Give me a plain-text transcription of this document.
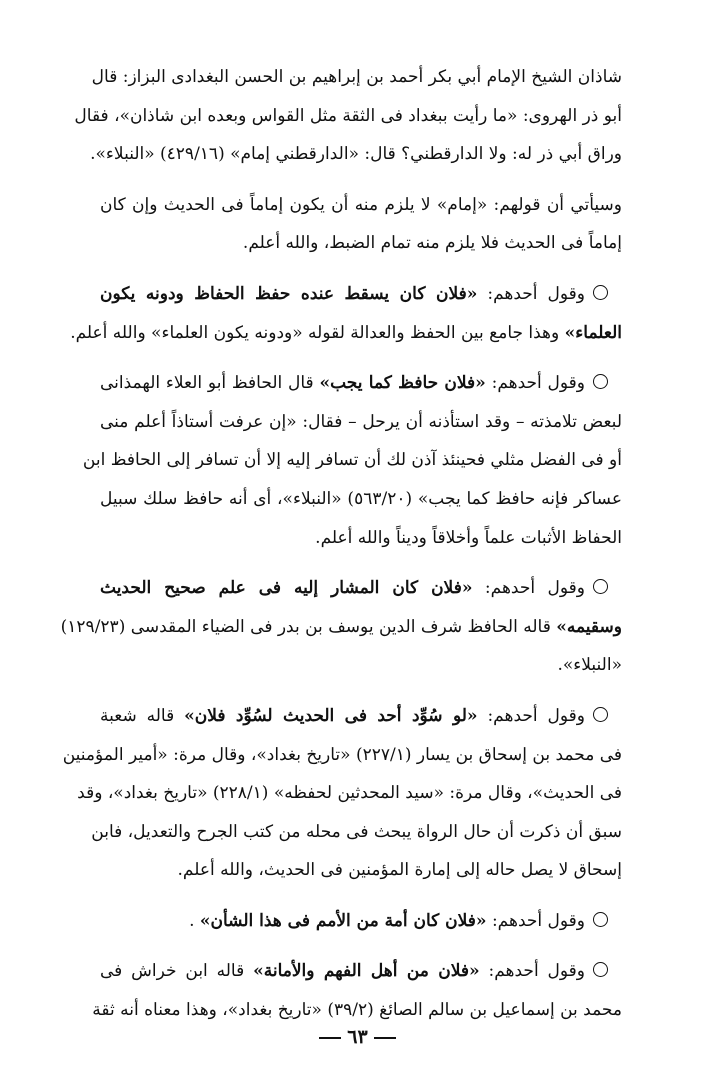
شاذان الشيخ الإمام أبي بكر أحمد بن إبراهيم بن الحسن البغدادى البزاز: قال
أبو ذر الهروى: «ما رأيت ببغداد فى الثقة مثل القواس وبعده ابن شاذان»، فقال
وراق أبي ذر له: ولا الدارقطني؟ قال: «الدارقطني إمام» (٤٢٩/١٦) «النبلاء».
وسيأتي أن قولهم: «إمام» لا يلزم منه أن يكون إماماً فى الحديث وإن كان
إماماً فى الحديث فلا يلزم منه تمام الضبط، والله أعلم.
وقول أحدهم: «فلان كان يسقط عنده حفظ الحفاظ ودونه يكون
العلماء» وهذا جامع بين الحفظ والعدالة لقوله «ودونه يكون العلماء» والله أعلم.
وقول أحدهم: «فلان حافظ كما يجب» قال الحافظ أبو العلاء الهمذانى
لبعض تلامذته – وقد استأذنه أن يرحل – فقال: «إن عرفت أستاذاً أعلم منى
أو فى الفضل مثلي فحينئذ آذن لك أن تسافر إليه إلا أن تسافر إلى الحافظ ابن
عساكر فإنه حافظ كما يجب» (٥٦٣/٢٠) «النبلاء»، أى أنه حافظ سلك سبيل
الحفاظ الأثبات علماً وأخلاقاً وديناً والله أعلم.
وقول أحدهم: «فلان كان المشار إليه فى علم صحيح الحديث
وسقيمه» قاله الحافظ شرف الدين يوسف بن بدر فى الضياء المقدسى (١٢٩/٢٣)
«النبلاء».
وقول أحدهم: «لو سُوِّد أحد فى الحديث لسُوِّد فلان» قاله شعبة
فى محمد بن إسحاق بن يسار (٢٢٧/١) «تاريخ بغداد»، وقال مرة: «أمير المؤمنين
فى الحديث»، وقال مرة: «سيد المحدثين لحفظه» (٢٢٨/١) «تاريخ بغداد»، وقد
سبق أن ذكرت أن حال الرواة يبحث فى محله من كتب الجرح والتعديل، فابن
إسحاق لا يصل حاله إلى إمارة المؤمنين فى الحديث، والله أعلم.
وقول أحدهم: «فلان كان أمة من الأمم فى هذا الشأن» .
وقول أحدهم: «فلان من أهل الفهم والأمانة» قاله ابن خراش فى
محمد بن إسماعيل بن سالم الصائغ (٣٩/٢) «تاريخ بغداد»، وهذا معناه أنه ثقة
٦٣
